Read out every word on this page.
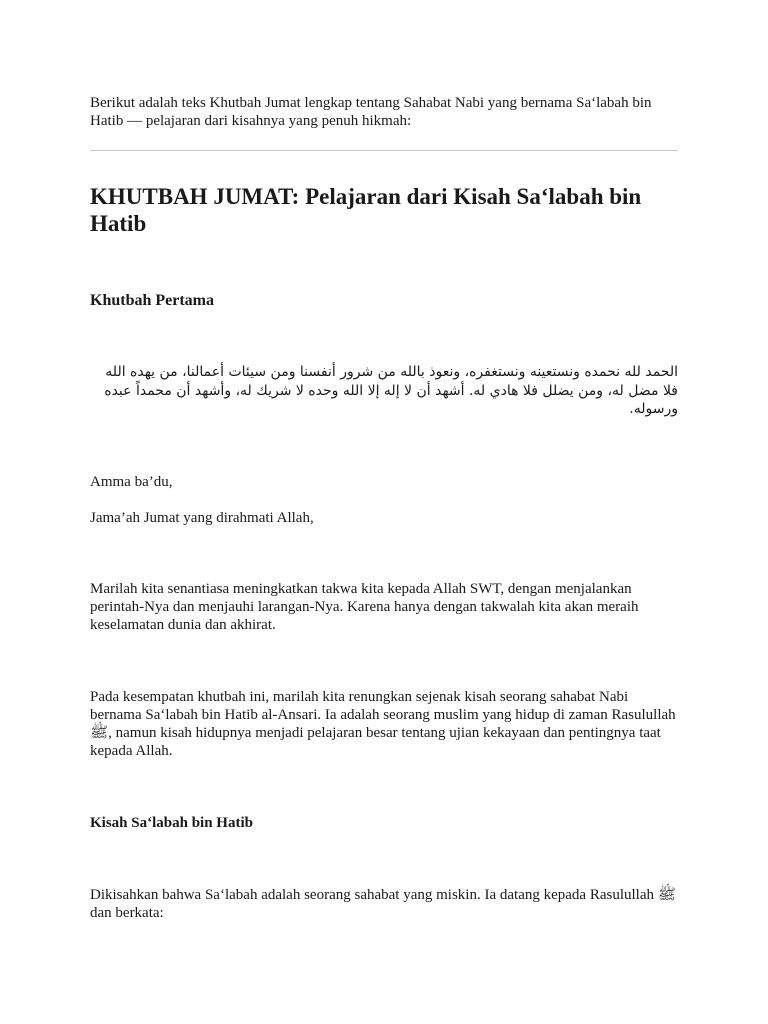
Berikut adalah teks Khutbah Jumat lengkap tentang Sahabat Nabi yang bernama Sa‘labah bin Hatib — pelajaran dari kisahnya yang penuh hikmah:

KHUTBAH JUMAT: Pelajaran dari Kisah Sa‘labah bin Hatib
Khutbah Pertama

الحمد لله نحمده ونستعينه ونستغفره، ونعوذ بالله من شرور أنفسنا ومن سيئات أعمالنا، من يهده الله فلا مضل له، ومن يضلل فلا هادي له. أشهد أن لا إله إلا الله وحده لا شريك له، وأشهد أن محمداً عبده ورسوله.

Amma ba’du,

Jama’ah Jumat yang dirahmati Allah,

Marilah kita senantiasa meningkatkan takwa kita kepada Allah SWT, dengan menjalankan perintah-Nya dan menjauhi larangan-Nya. Karena hanya dengan takwalah kita akan meraih keselamatan dunia dan akhirat.

Pada kesempatan khutbah ini, marilah kita renungkan sejenak kisah seorang sahabat Nabi bernama Sa‘labah bin Hatib al-Ansari. Ia adalah seorang muslim yang hidup di zaman Rasulullah ﷺ, namun kisah hidupnya menjadi pelajaran besar tentang ujian kekayaan dan pentingnya taat kepada Allah.

Kisah Sa‘labah bin Hatib

Dikisahkan bahwa Sa‘labah adalah seorang sahabat yang miskin. Ia datang kepada Rasulullah ﷺ dan berkata:
